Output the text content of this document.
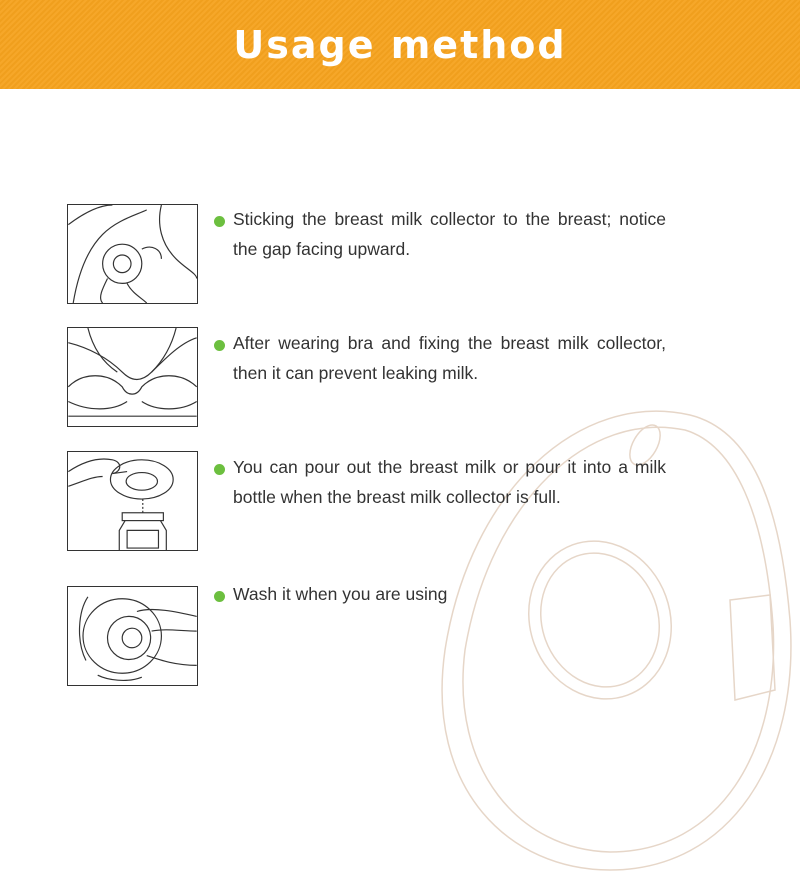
Usage method
Sticking the breast milk collector to the breast; notice the gap facing upward.
After wearing bra and fixing the breast milk collector, then it can prevent leaking milk.
You can pour out the breast milk or pour it into a milk bottle when the breast milk collector is full.
Wash it when you are using
